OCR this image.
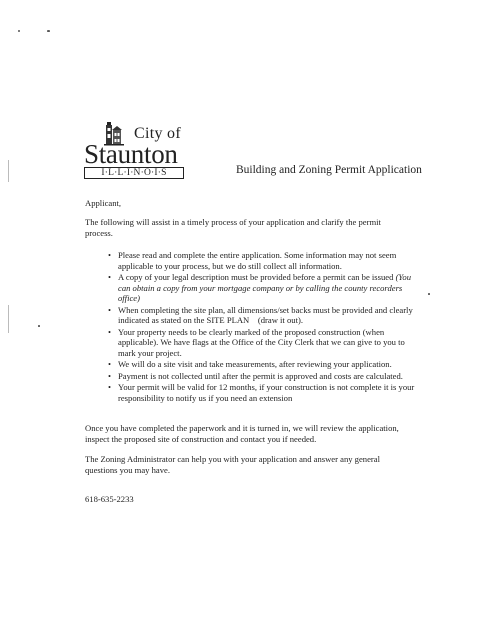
City of
Staunton
I·L·L·I·N·O·I·S	Building and Zoning Permit Application
Applicant,
The following will assist in a timely process of your application and clarify the permit process.
• Please read and complete the entire application. Some information may not seem applicable to your process, but we do still collect all information.
• A copy of your legal description must be provided before a permit can be issued (You can obtain a copy from your mortgage company or by calling the county recorders office)
• When completing the site plan, all dimensions/set backs must be provided and clearly indicated as stated on the SITE PLAN    (draw it out).
• Your property needs to be clearly marked of the proposed construction (when applicable). We have flags at the Office of the City Clerk that we can give to you to mark your project.
• We will do a site visit and take measurements, after reviewing your application.
• Payment is not collected until after the permit is approved and costs are calculated.
• Your permit will be valid for 12 months, if your construction is not complete it is your responsibility to notify us if you need an extension
Once you have completed the paperwork and it is turned in, we will review the application, inspect the proposed site of construction and contact you if needed.
The Zoning Administrator can help you with your application and answer any general questions you may have.
618-635-2233
